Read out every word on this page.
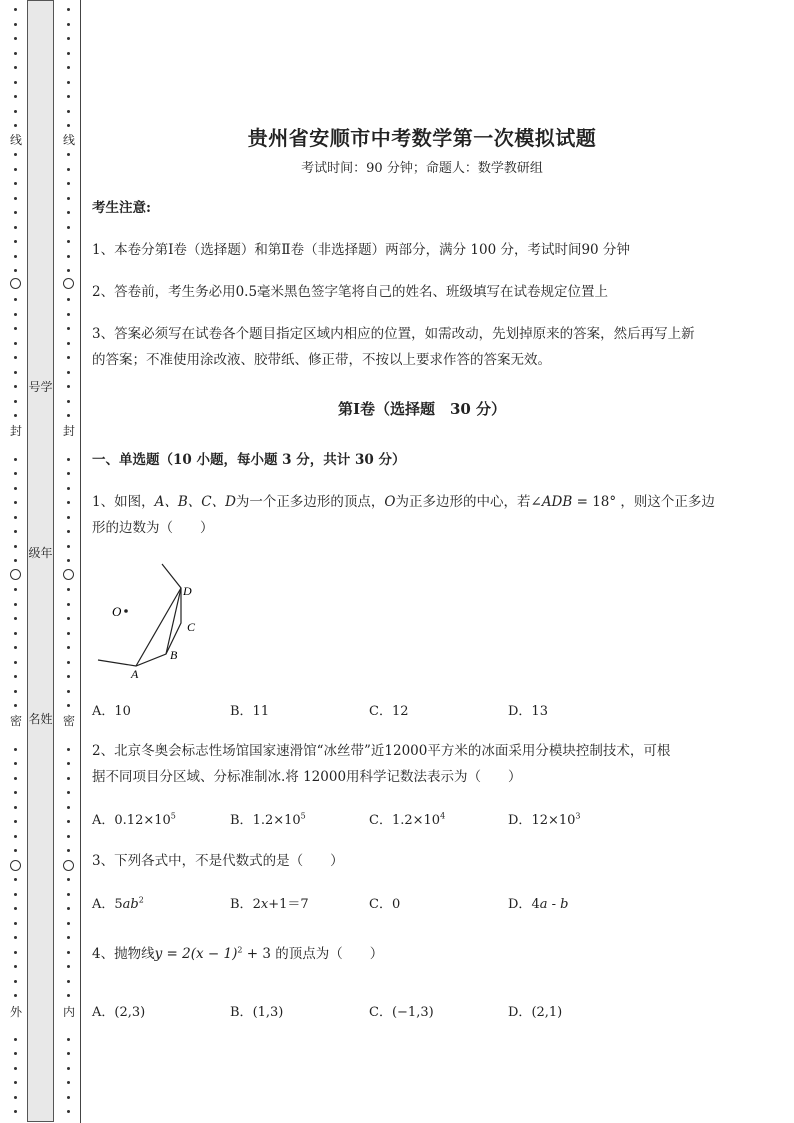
线
封
密
外
号学
级年
名姓
线
封
密
内
贵州省安顺市中考数学第一次模拟试题
考试时间：90 分钟；命题人：数学教研组
考生注意:
1、本卷分第Ⅰ卷（选择题）和第Ⅱ卷（非选择题）两部分，满分 100 分，考试时间90 分钟
2、答卷前，考生务必用0.5毫米黑色签字笔将自己的姓名、班级填写在试卷规定位置上
3、答案必须写在试卷各个题目指定区域内相应的位置，如需改动，先划掉原来的答案，然后再写上新
的答案；不准使用涂改液、胶带纸、修正带，不按以上要求作答的答案无效。
第Ⅰ卷（选择题　30 分）
一、单选题（10 小题，每小题 3 分，共计 30 分）
1、如图，A、B、C、D为一个正多边形的顶点，O为正多边形的中心，若∠ADB = 18° ，则这个正多边
形的边数为（　　）
O
A
B
C
D
A．10	B．11	C．12	D．13
2、北京冬奥会标志性场馆国家速滑馆“冰丝带”近12000平方米的冰面采用分模块控制技术，可根
据不同项目分区域、分标准制冰.将 12000用科学记数法表示为（　　）
A．$0.12\times 10^5$	B．$1.2\times 10^5$	C．$1.2\times 10^4$	D．$12\times 10^3$
3、下列各式中，不是代数式的是（　　）
A．$5ab^2$	B．2x+1＝7	C．0	D．4a - b
4、抛物线$y = 2(x - 1)^2 + 3$ 的顶点为（　　）
A．(2,3)	B．(1,3)	C．(−1,3)	D．(2,1)
